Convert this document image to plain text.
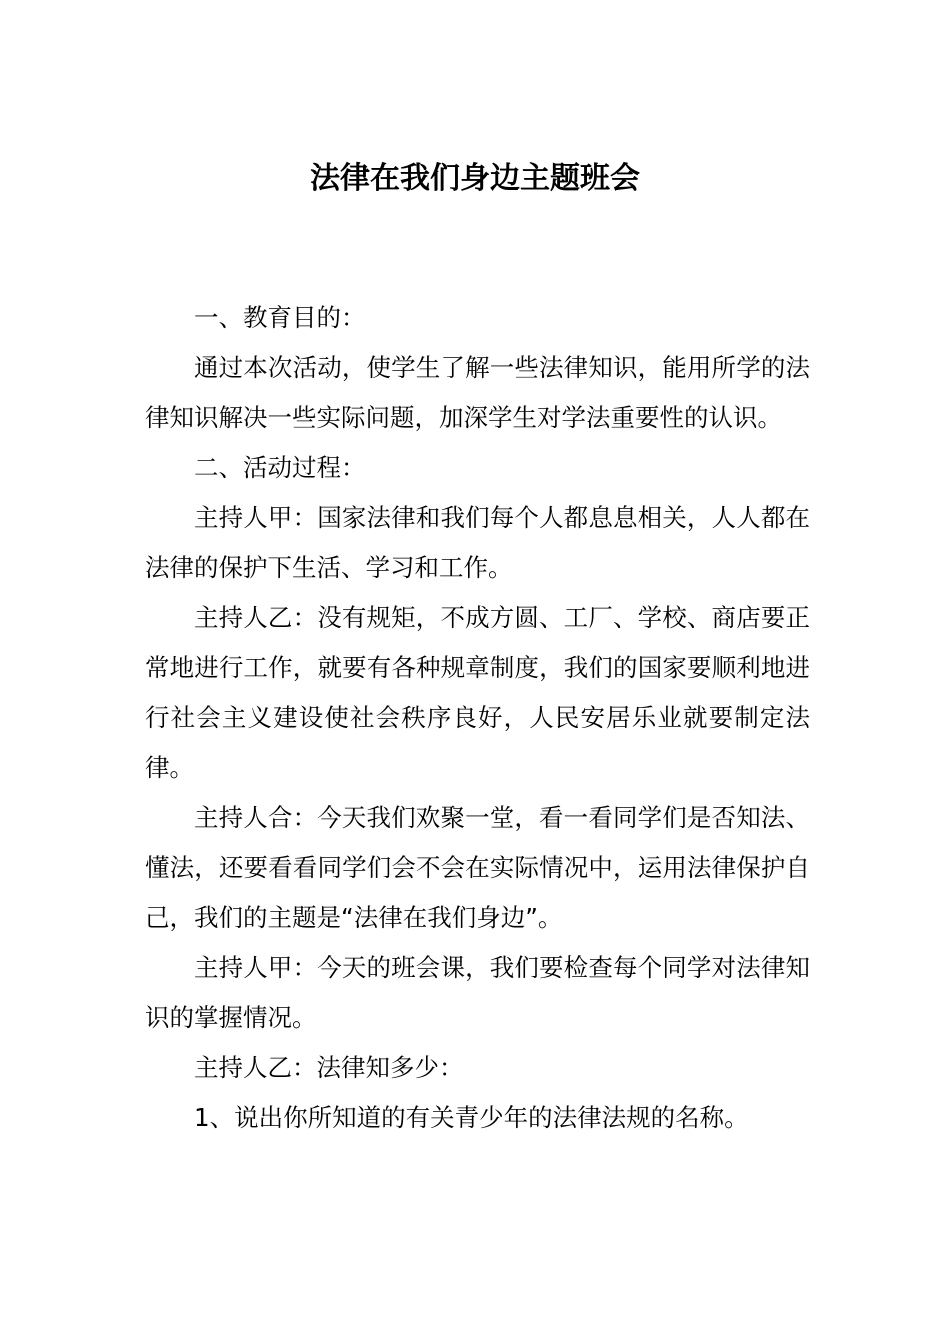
法律在我们身边主题班会

一、教育目的：

通过本次活动，使学生了解一些法律知识，能用所学的法律知识解决一些实际问题，加深学生对学法重要性的认识。

二、活动过程：

主持人甲：国家法律和我们每个人都息息相关，人人都在法律的保护下生活、学习和工作。

主持人乙：没有规矩，不成方圆、工厂、学校、商店要正常地进行工作，就要有各种规章制度，我们的国家要顺利地进行社会主义建设使社会秩序良好，人民安居乐业就要制定法律。

主持人合：今天我们欢聚一堂，看一看同学们是否知法、懂法，还要看看同学们会不会在实际情况中，运用法律保护自己，我们的主题是“法律在我们身边”。

主持人甲：今天的班会课，我们要检查每个同学对法律知识的掌握情况。

主持人乙：法律知多少：

1、说出你所知道的有关青少年的法律法规的名称。
